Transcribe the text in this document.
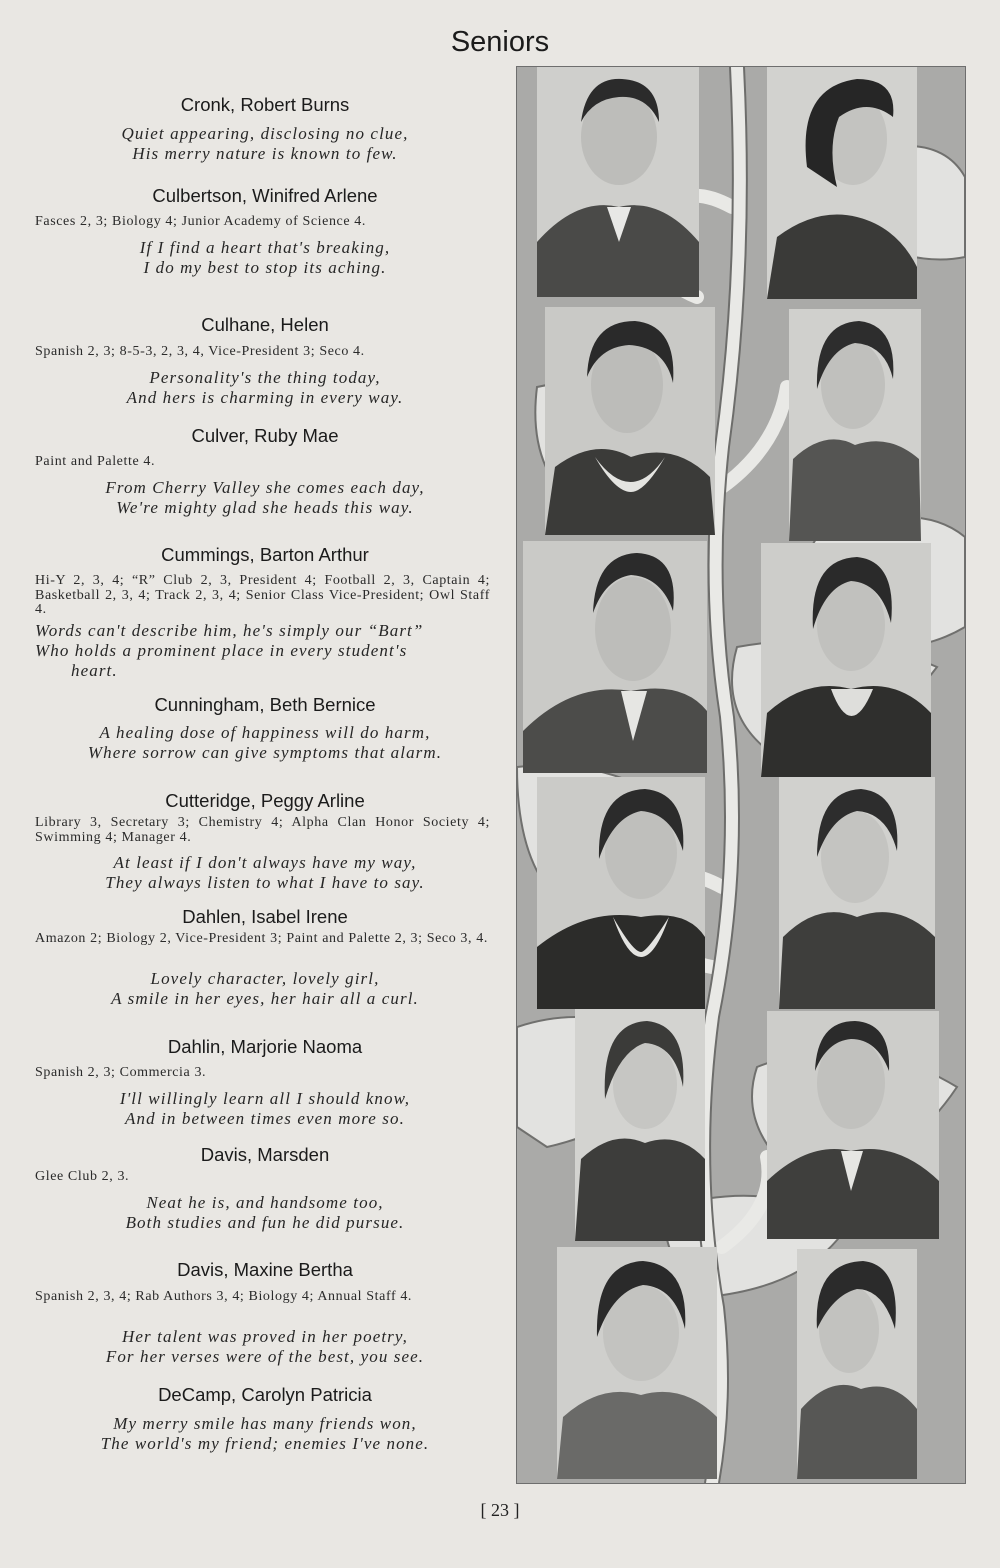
Seniors
Cronk, Robert Burns
Quiet appearing, disclosing no clue,
His merry nature is known to few.
Culbertson, Winifred Arlene
Fasces 2, 3; Biology 4; Junior Academy of Science 4.
If I find a heart that's breaking,
I do my best to stop its aching.
Culhane, Helen
Spanish 2, 3; 8-5-3, 2, 3, 4, Vice-President 3; Seco 4.
Personality's the thing today,
And hers is charming in every way.
Culver, Ruby Mae
Paint and Palette 4.
From Cherry Valley she comes each day,
We're mighty glad she heads this way.
Cummings, Barton Arthur
Hi-Y 2, 3, 4; “R” Club 2, 3, President 4; Football 2, 3, Captain 4; Basketball 2, 3, 4; Track 2, 3, 4; Senior Class Vice-President; Owl Staff 4.
Words can't describe him, he's simply our “Bart”
Who holds a prominent place in every student's
heart.
Cunningham, Beth Bernice
A healing dose of happiness will do harm,
Where sorrow can give symptoms that alarm.
Cutteridge, Peggy Arline
Library 3, Secretary 3; Chemistry 4; Alpha Clan Honor Society 4; Swimming 4; Manager 4.
At least if I don't always have my way,
They always listen to what I have to say.
Dahlen, Isabel Irene
Amazon 2; Biology 2, Vice-President 3; Paint and Palette 2, 3; Seco 3, 4.
Lovely character, lovely girl,
A smile in her eyes, her hair all a curl.
Dahlin, Marjorie Naoma
Spanish 2, 3; Commercia 3.
I'll willingly learn all I should know,
And in between times even more so.
Davis, Marsden
Glee Club 2, 3.
Neat he is, and handsome too,
Both studies and fun he did pursue.
Davis, Maxine Bertha
Spanish 2, 3, 4; Rab Authors 3, 4; Biology 4; Annual Staff 4.
Her talent was proved in her poetry,
For her verses were of the best, you see.
DeCamp, Carolyn Patricia
My merry smile has many friends won,
The world's my friend; enemies I've none.
[ 23 ]
